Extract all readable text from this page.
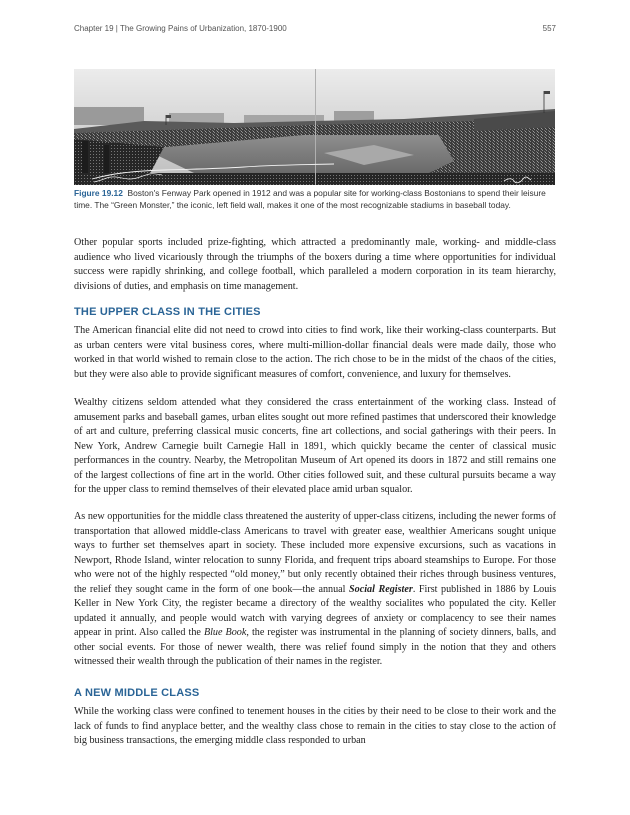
Chapter 19 | The Growing Pains of Urbanization, 1870-1900	557
Figure 19.12 Boston's Fenway Park opened in 1912 and was a popular site for working-class Bostonians to spend their leisure time. The “Green Monster,” the iconic, left field wall, makes it one of the most recognizable stadiums in baseball today.

Other popular sports included prize-fighting, which attracted a predominantly male, working- and middle-class audience who lived vicariously through the triumphs of the boxers during a time where opportunities for individual success were rapidly shrinking, and college football, which paralleled a modern corporation in its team hierarchy, divisions of duties, and emphasis on time management.

THE UPPER CLASS IN THE CITIES

The American financial elite did not need to crowd into cities to find work, like their working-class counterparts. But as urban centers were vital business cores, where multi-million-dollar financial deals were made daily, those who worked in that world wished to remain close to the action. The rich chose to be in the midst of the chaos of the cities, but they were also able to provide significant measures of comfort, convenience, and luxury for themselves.

Wealthy citizens seldom attended what they considered the crass entertainment of the working class. Instead of amusement parks and baseball games, urban elites sought out more refined pastimes that underscored their knowledge of art and culture, preferring classical music concerts, fine art collections, and social gatherings with their peers. In New York, Andrew Carnegie built Carnegie Hall in 1891, which quickly became the center of classical music performances in the country. Nearby, the Metropolitan Museum of Art opened its doors in 1872 and still remains one of the largest collections of fine art in the world. Other cities followed suit, and these cultural pursuits became a way for the upper class to remind themselves of their elevated place amid urban squalor.

As new opportunities for the middle class threatened the austerity of upper-class citizens, including the newer forms of transportation that allowed middle-class Americans to travel with greater ease, wealthier Americans sought unique ways to further set themselves apart in society. These included more expensive excursions, such as vacations in Newport, Rhode Island, winter relocation to sunny Florida, and frequent trips aboard steamships to Europe. For those who were not of the highly respected “old money,” but only recently obtained their riches through business ventures, the relief they sought came in the form of one book—the annual Social Register. First published in 1886 by Louis Keller in New York City, the register became a directory of the wealthy socialites who populated the city. Keller updated it annually, and people would watch with varying degrees of anxiety or complacency to see their names appear in print. Also called the Blue Book, the register was instrumental in the planning of society dinners, balls, and other social events. For those of newer wealth, there was relief found simply in the notion that they and others witnessed their wealth through the publication of their names in the register.

A NEW MIDDLE CLASS

While the working class were confined to tenement houses in the cities by their need to be close to their work and the lack of funds to find anyplace better, and the wealthy class chose to remain in the cities to stay close to the action of big business transactions, the emerging middle class responded to urban
